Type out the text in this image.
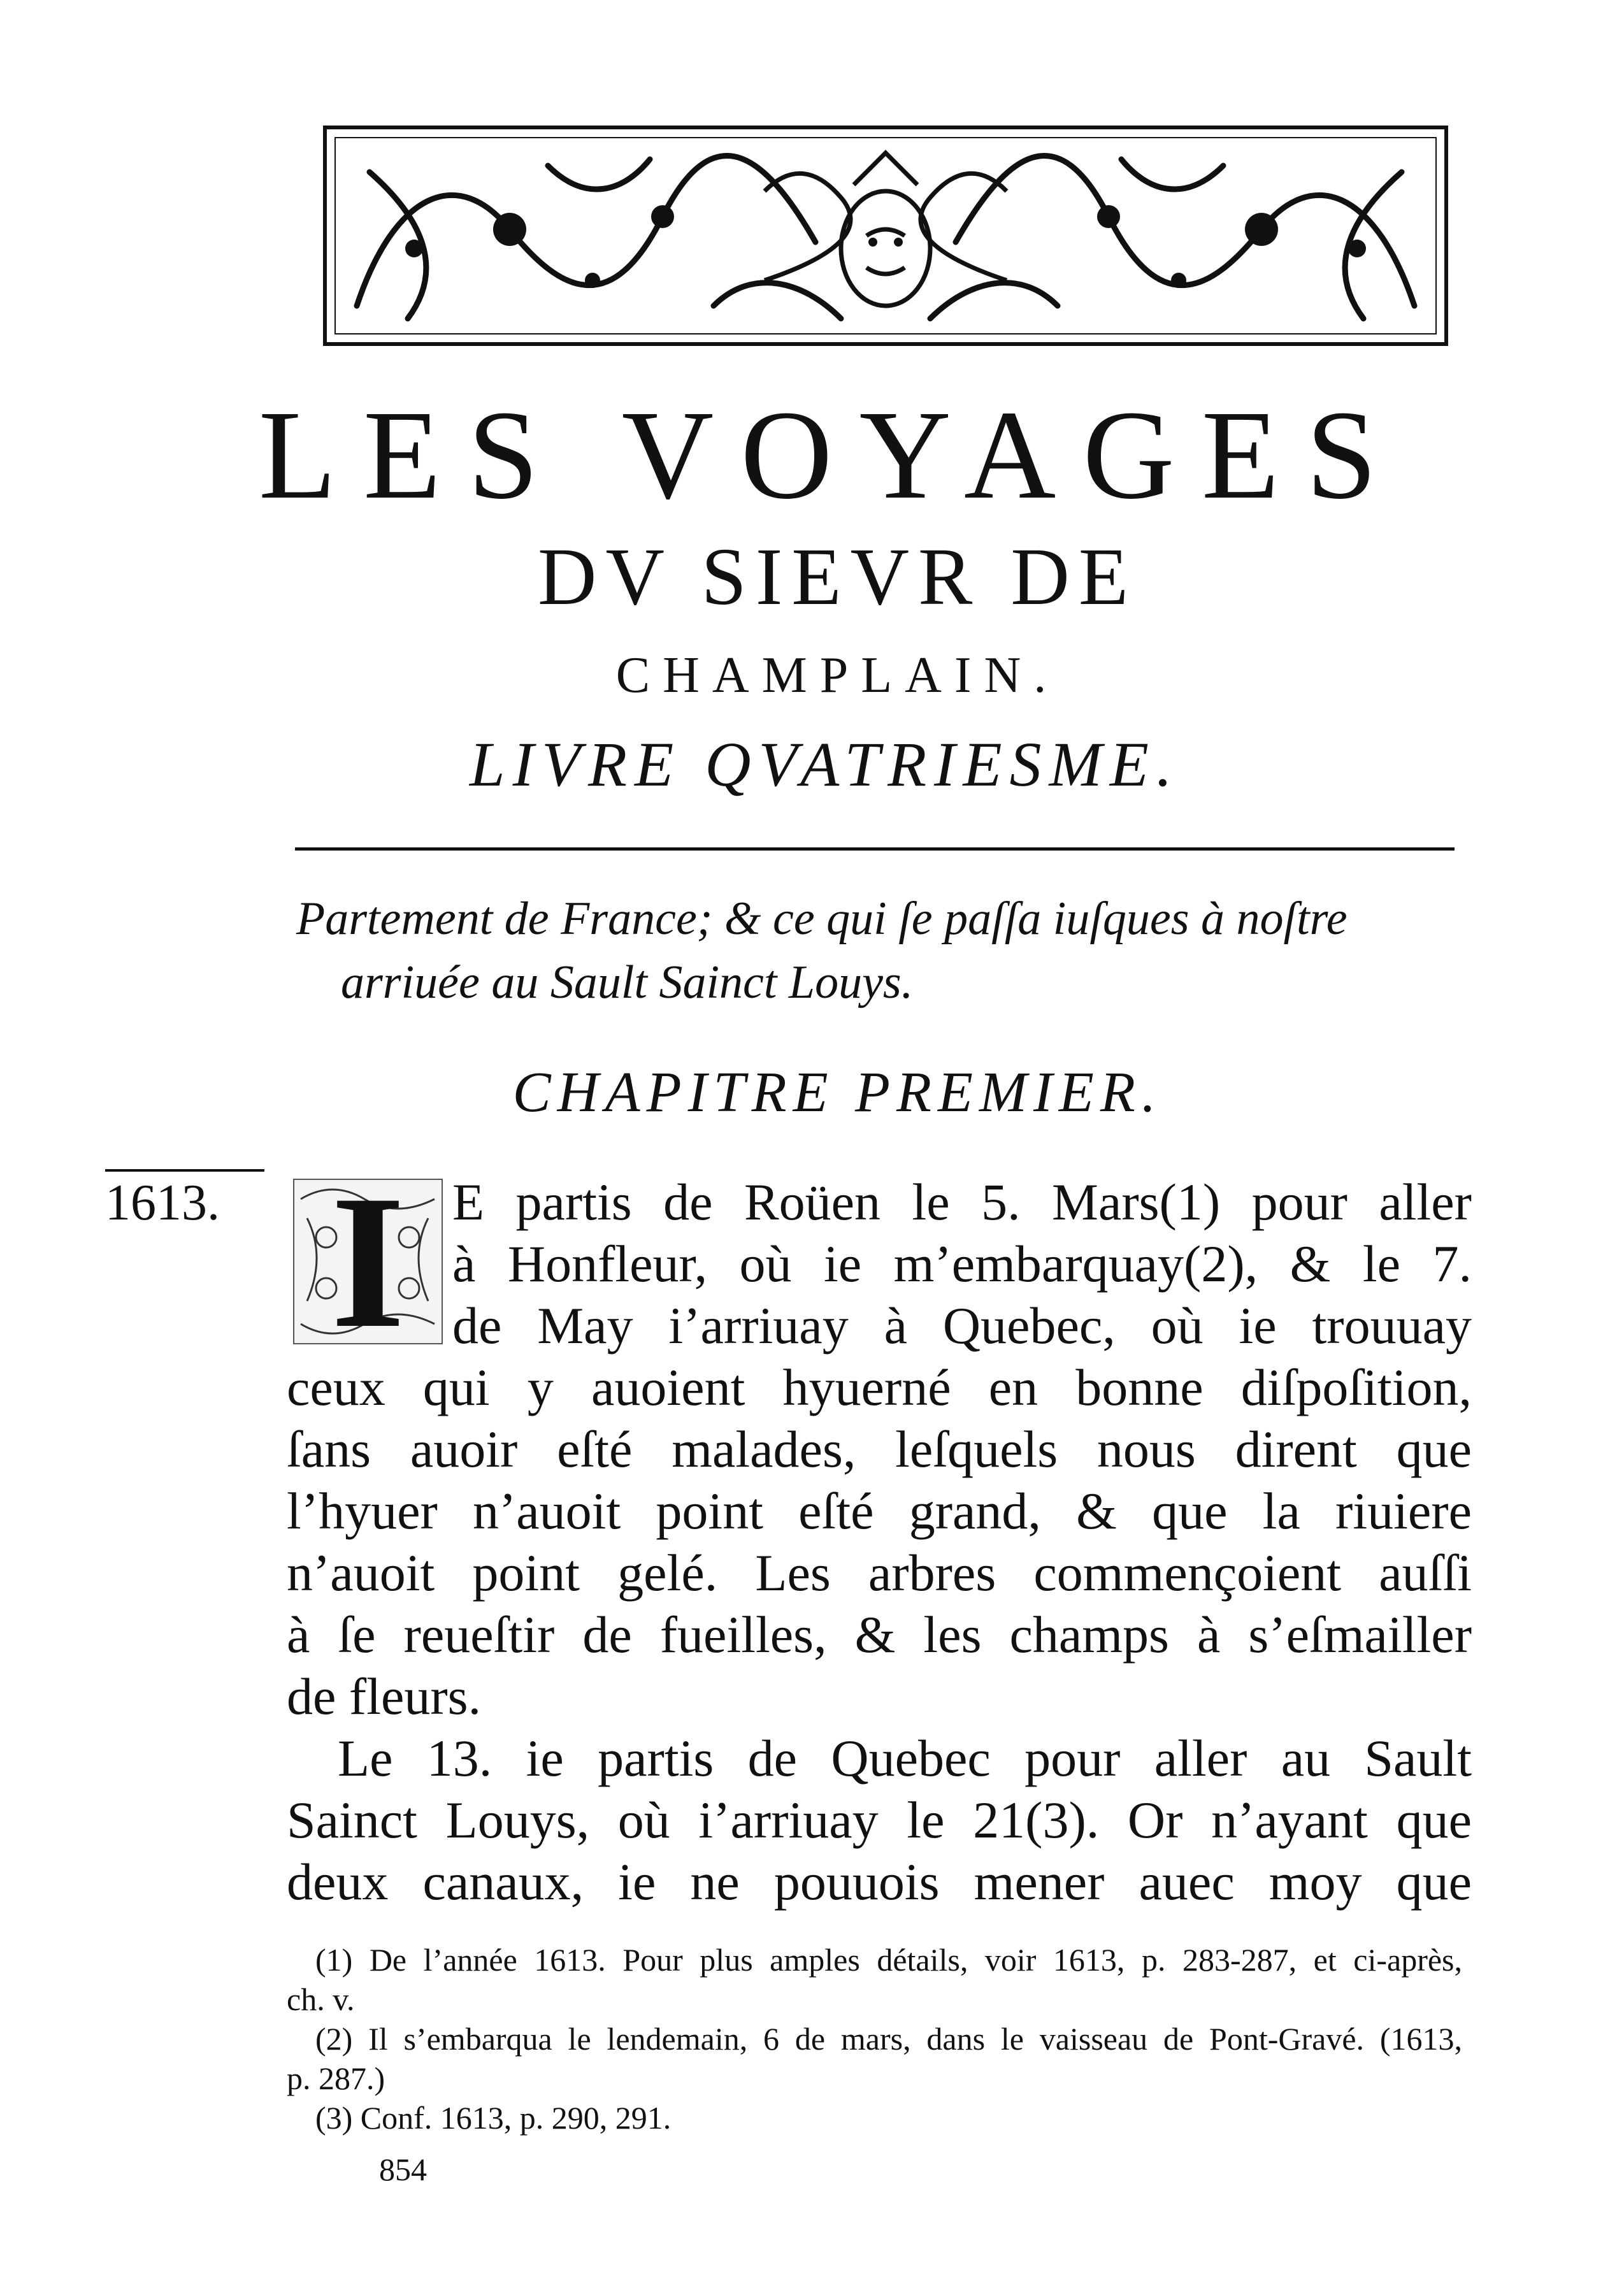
LES VOYAGES
DV SIEVR DE
CHAMPLAIN.
LIVRE QVATRIESME.
Partement de France; & ce qui ſe paſſa iuſques à noſtre
arriuée au Sault Sainct Louys.
CHAPITRE PREMIER.
1613. I E partis de Roüen le 5. Mars(1) pour aller
à Honfleur, où ie m’embarquay(2), & le 7.
de May i’arriuay à Quebec, où ie trouuay
ceux qui y auoient hyuerné en bonne diſpoſition,
ſans auoir eſté malades, leſquels nous dirent que
l’hyuer n’auoit point eſté grand, & que la riuiere
n’auoit point gelé. Les arbres commençoient auſſi
à ſe reueſtir de fueilles, & les champs à s’eſmailler
de fleurs.
Le 13. ie partis de Quebec pour aller au Sault
Sainct Louys, où i’arriuay le 21(3). Or n’ayant que
deux canaux, ie ne pouuois mener auec moy que
(1) De l’année 1613. Pour plus amples détails, voir 1613, p. 283-287, et ci-après,
ch. v.
(2) Il s’embarqua le lendemain, 6 de mars, dans le vaisseau de Pont-Gravé. (1613,
p. 287.)
(3) Conf. 1613, p. 290, 291.
854
